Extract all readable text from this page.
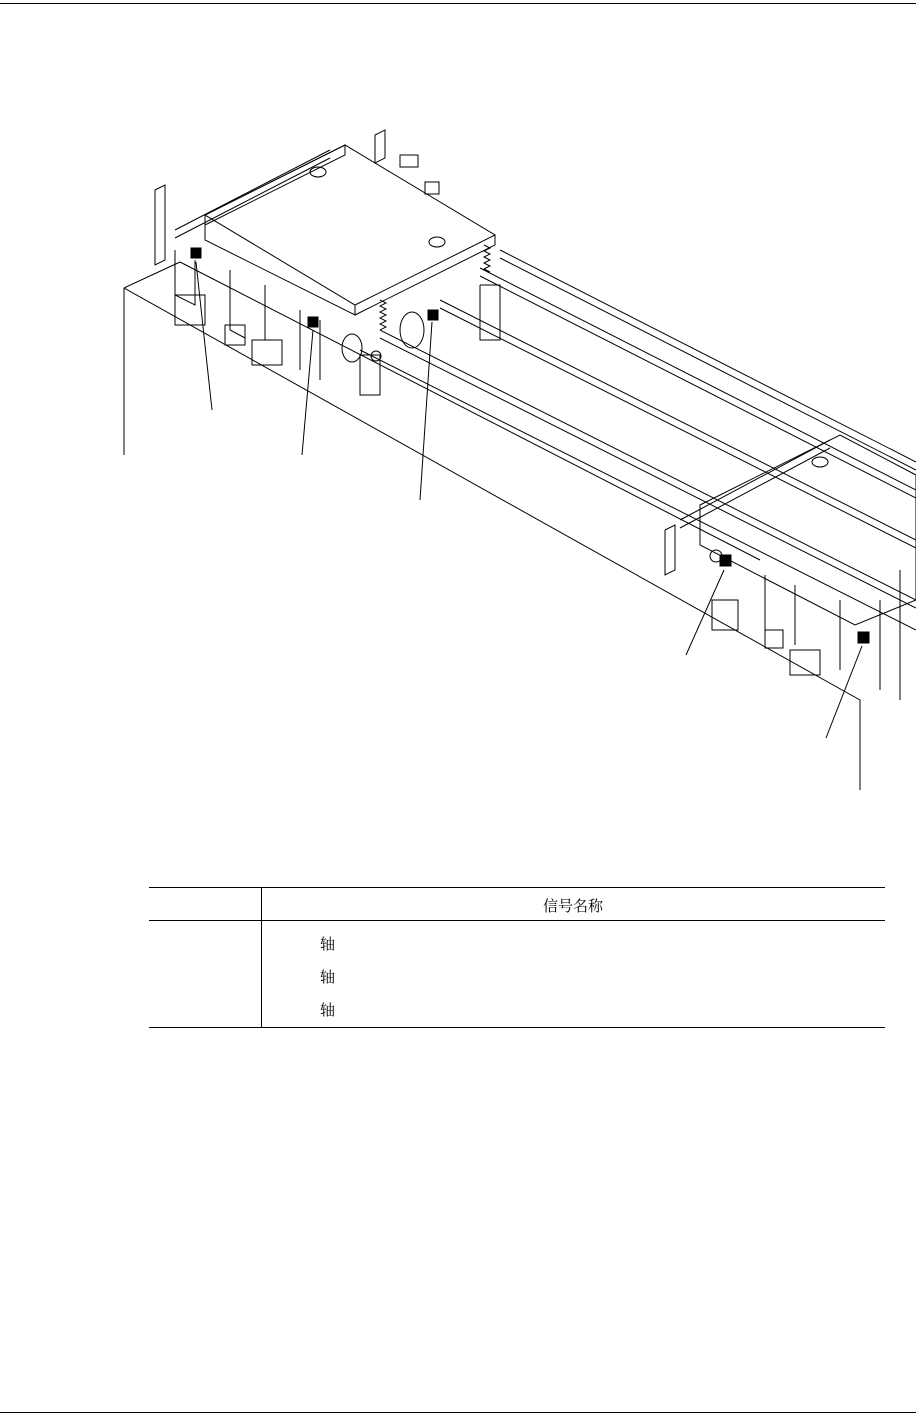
信号名称
轴
轴
轴
